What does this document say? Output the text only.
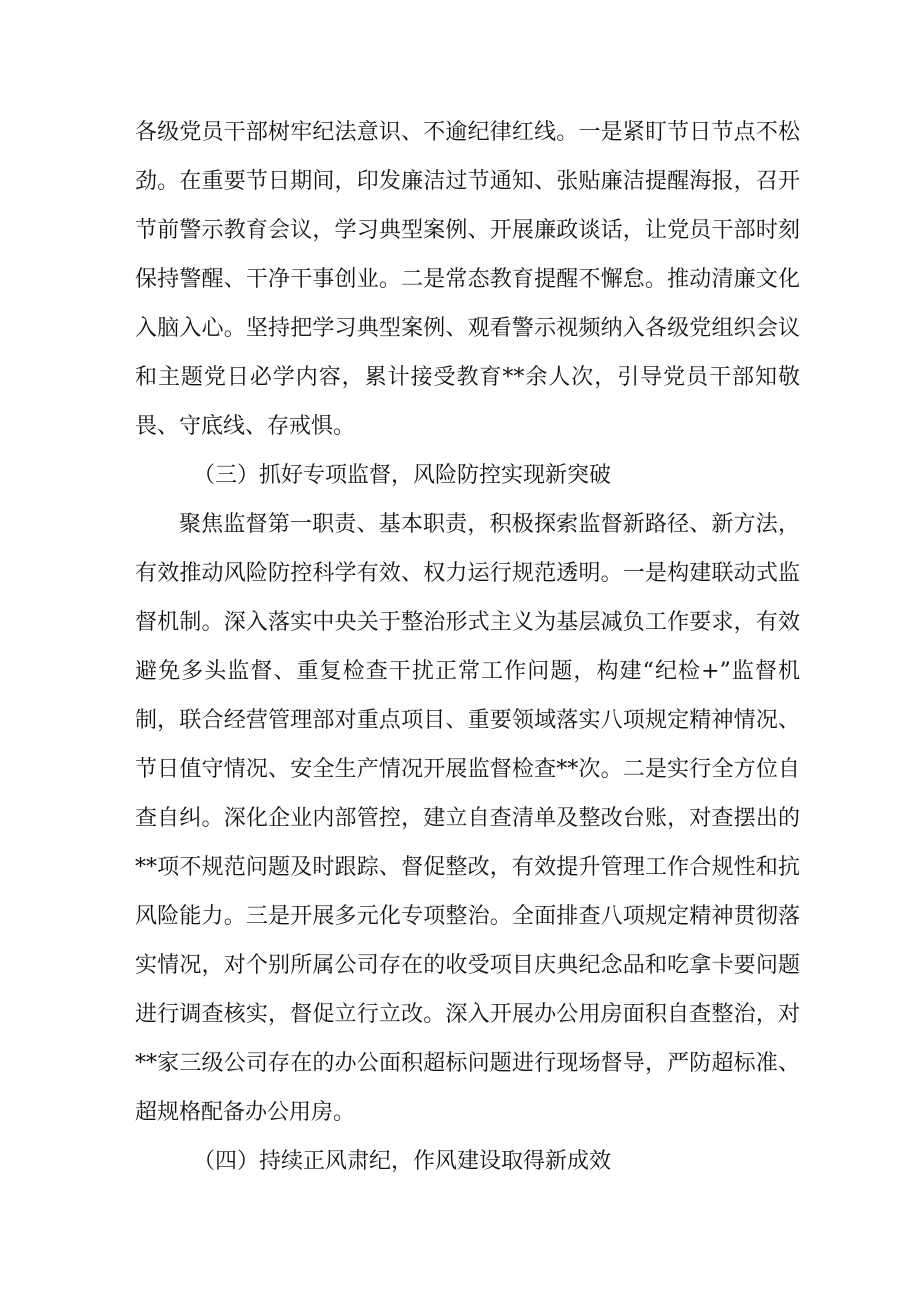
各级党员干部树牢纪法意识、不逾纪律红线。一是紧盯节日节点不松劲。在重要节日期间，印发廉洁过节通知、张贴廉洁提醒海报，召开节前警示教育会议，学习典型案例、开展廉政谈话，让党员干部时刻保持警醒、干净干事创业。二是常态教育提醒不懈怠。推动清廉文化入脑入心。坚持把学习典型案例、观看警示视频纳入各级党组织会议和主题党日必学内容，累计接受教育**余人次，引导党员干部知敬畏、守底线、存戒惧。

（三）抓好专项监督，风险防控实现新突破

聚焦监督第一职责、基本职责，积极探索监督新路径、新方法，有效推动风险防控科学有效、权力运行规范透明。一是构建联动式监督机制。深入落实中央关于整治形式主义为基层减负工作要求，有效避免多头监督、重复检查干扰正常工作问题，构建“纪检+”监督机制，联合经营管理部对重点项目、重要领域落实八项规定精神情况、节日值守情况、安全生产情况开展监督检查**次。二是实行全方位自查自纠。深化企业内部管控，建立自查清单及整改台账，对查摆出的**项不规范问题及时跟踪、督促整改，有效提升管理工作合规性和抗风险能力。三是开展多元化专项整治。全面排查八项规定精神贯彻落实情况，对个别所属公司存在的收受项目庆典纪念品和吃拿卡要问题进行调查核实，督促立行立改。深入开展办公用房面积自查整治，对**家三级公司存在的办公面积超标问题进行现场督导，严防超标准、超规格配备办公用房。

（四）持续正风肃纪，作风建设取得新成效
